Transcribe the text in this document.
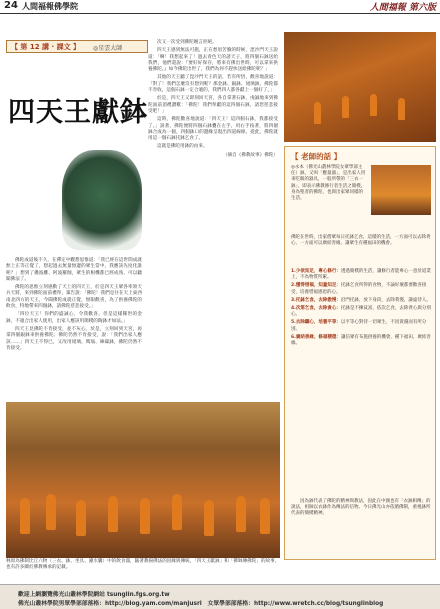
24 人間福報佛學院	人間福報 第六版
【 第 12 講 · 課文 】 ◎星雲大師
四天王獻鉢

佛陀成道後不久，在禪定中觀想思惟道：「我已經在這世間成就無上正等正覺了，想起過去無量無邊的眾生當中，我應該先度化誰呢？」想到了優波離、阿波羅伽，眾生的根機都已經成熟，可以聽聞佛法了。

佛陀的思惟立刻感動了天上的四天王，於是四天王眾各率領天兵天將，來到佛陀面前禮拜，稟告說：「佛陀！我們是住在天上東西南北四方的天王，今聞佛陀成就正覺，無限歡喜，為了供養佛陀的飲食，特地帶來四個鉢，請佛陀慈悲接受。」

「四位天王！你們的盛誠心，令我歡喜。但是這樣稀世的金鉢，不適合出家人使用，出家人應該用簡樸的陶鉢才如法。」

四天王見佛陀不肯接受，並不灰心，於是，立刻回到天宮，再拿四個銀鉢來供養佛陀；佛陀仍然不肯接受，說：「我們出家人應該……」四天王不得已，又改用琉璃、瑪瑙、硨磲鉢，佛陀仍然不肯接受。

次又一次受到佛陀婉言拒絕。

四天王感到無法可施，正在愁眉苦臉的時候，毘沙門天王說道：「啊！我想起來了！過去青色天的諸天子，將四個石鉢送給我們，他們還說：『要好好保存，將來有佛出世時，可以拿來供養佛陀。』如今佛陀出世了，我們為何不趕快送給佛陀呢？」

其他的天王聽了毘沙門天王的話，若有所悟，歡喜地說道：「對了！我們怎麼沒有想到呢？那金鉢、銀鉢、琉璃鉢，佛陀都不肯收，這個石鉢一定合適的，我們四人都各獻上一個好了。」

於是，四天王又即刻回天宮，各自拿著石鉢，虔誠地來到佛陀面前頂禮讚歎：「佛陀！我們奉獻的這四個石鉢，請您慈悲接受吧！」

這時，佛陀歡喜地說道：「四天王！這四個石鉢，我都接受了。」說著，佛陀便將四個石鉢疊在左手，用右手按著，將四個鉢合成為一個，四個鉢口的邊緣呈現出四道線條。從此，佛陀就用這一個石鉢托鉢乞食了。

這就是佛陀用鉢的由來。

（摘自《佛教故事》佛陀）

林原為佛制比丘六物（三衣、鉢、坐具、濾水囊）中的飲食器，隨著教揚佛法的因緣與傳統，「四天王獻鉢」和「佛缽傳佛陀」的故事，也有許多關於佛教傳承的記載。
【 老師的話 】
◎永本（佛光山叢林學院女眾學部主任）鉢，又叫「應量器」，是出家人用來吃飯的器具，一般所帶的「三衣一鉢」，即表示佛教修行者生活之簡樸，身為聖者的佛陀，也與出家眾同樣的生活。
佛陀在世時，出家僧眾每日托鉢乞食，這樣的生活，一方面可以去除貪心，一方面可以廣結善緣，讓眾生有種福田的機會。
1.少欲知足，專心修行：透過簡樸的生活，讓修行者能專心一意於道業上，不為物質所累。
2.懂得惜福，知量知足：托鉢乞食所得的食物，不論好壞都要歡喜接受，培養惜福感恩的心。
3.托鉢乞食，去除傲慢：沿門托鉢，放下身段，去除我慢，謙虛待人。
4.次第乞食，去除貪心：托鉢是不揀貧富，依次乞食，去除貪心與分別心。
5.去除驕心，培養平等：以平等心對待一切眾生，不因貴賤而有所分別。
6.廣結善緣，修福積德：讓信眾有布施供養的機會，種下福田，廣結善緣。
因為鉢代表了佛陀的精神與教法，因此在中國也有「衣鉢相傳」的說法，祖師以衣鉢作為傳法的信物。今日佛光山亦依循佛制，重視鉢所代表的簡樸精神。
歡迎上網瀏覽佛光山叢林學院網站 tsunglin.fgs.org.tw
佛光山叢林學院男眾學部部落格：http://blog.yam.com/manjusri　女眾學部部落格：http://www.wretch.cc/blog/tsunglinblog
